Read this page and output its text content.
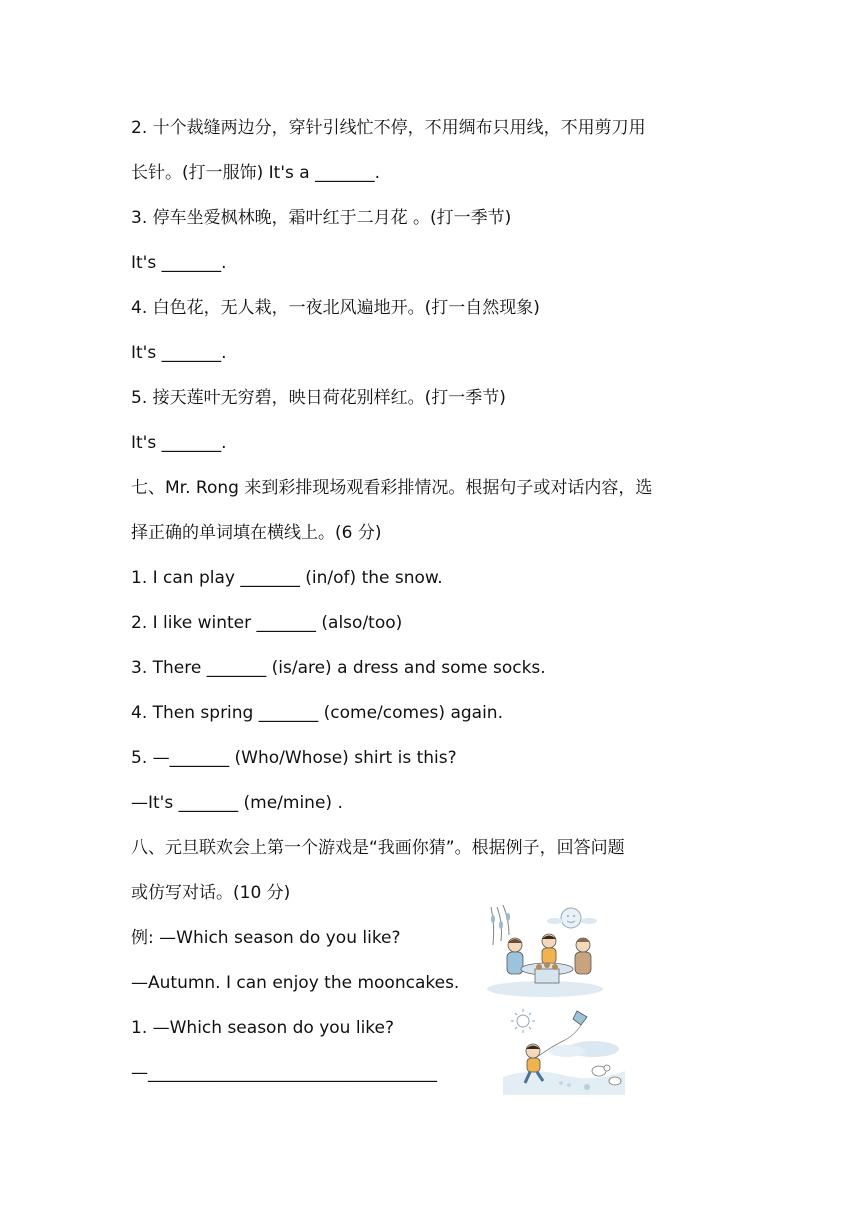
2. 十个裁缝两边分，穿针引线忙不停，不用绸布只用线，不用剪刀用
长针。(打一服饰) It's a _______.
3. 停车坐爱枫林晚，霜叶红于二月花 。(打一季节)
It's _______.
4. 白色花，无人栽，一夜北风遍地开。(打一自然现象)
It's _______.
5. 接天莲叶无穷碧，映日荷花别样红。(打一季节)
It's _______.
七、Mr. Rong 来到彩排现场观看彩排情况。根据句子或对话内容，选
择正确的单词填在横线上。(6 分)
1. I can play _______ (in/of) the snow.
2. I like winter _______ (also/too)
3. There _______ (is/are) a dress and some socks.
4. Then spring _______ (come/comes) again.
5. —_______ (Who/Whose) shirt is this?
—It's _______ (me/mine) .
八、元旦联欢会上第一个游戏是“我画你猜”。根据例子，回答问题
或仿写对话。(10 分)
例: —Which season do you like?
—Autumn. I can enjoy the mooncakes.
1. —Which season do you like?
—__________________________________
